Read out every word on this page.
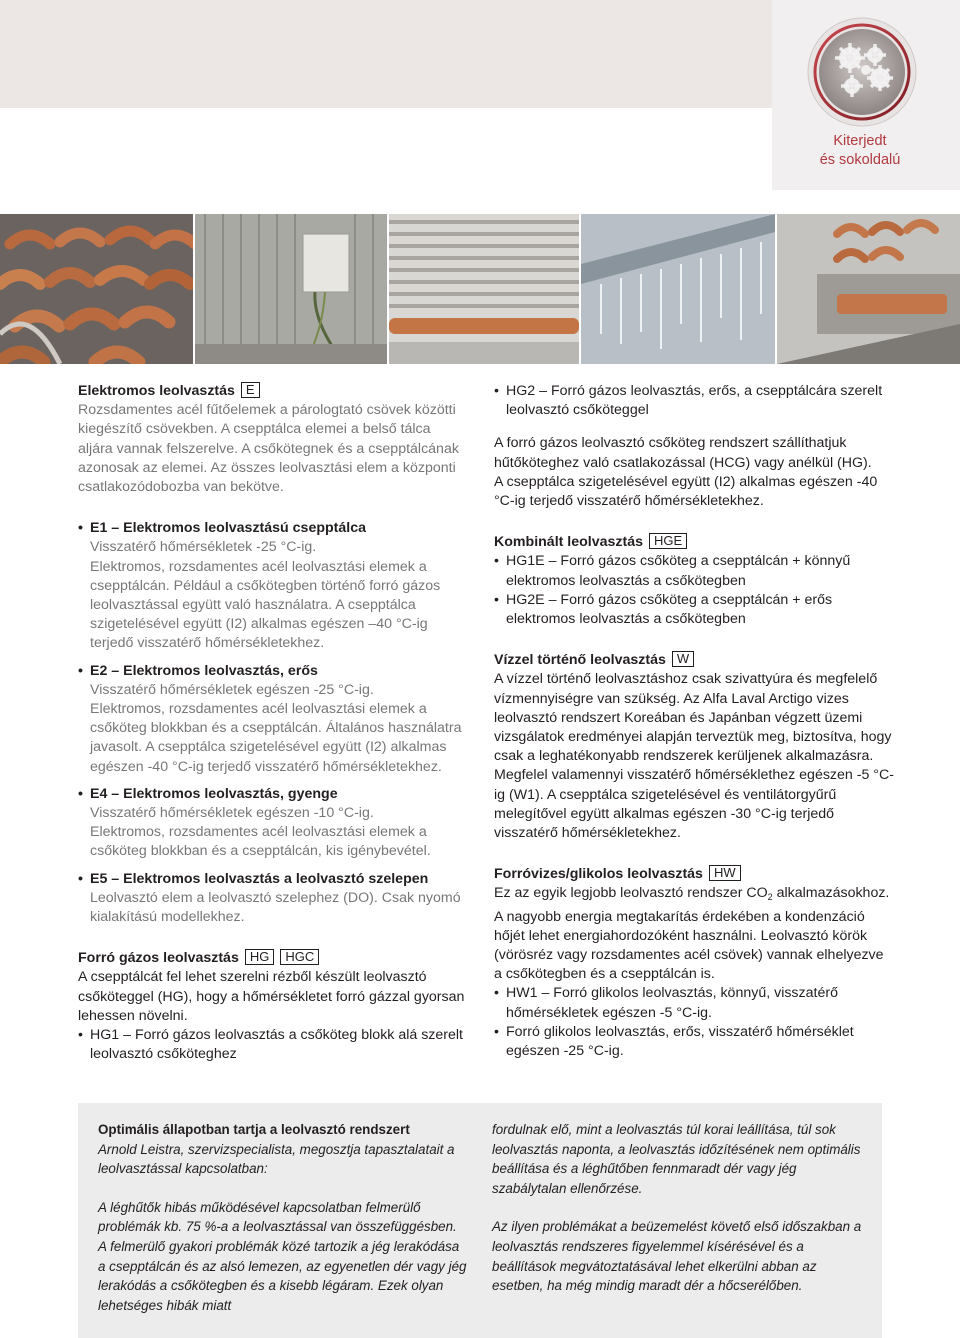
Kiterjedt
és sokoldalú
Elektromos leolvasztás E
Rozsdamentes acél fűtőelemek a párologtató csövek közötti kiegészítő csövekben. A csepptálca elemei a belső tálca aljára vannak felszerelve. A csőkötegnek és a csepptálcának azonosak az elemei. Az összes leolvasztási elem a központi csatlakozódobozba van bekötve.
• E1 – Elektromos leolvasztású csepptálca
Visszatérő hőmérsékletek -25 °C-ig.
Elektromos, rozsdamentes acél leolvasztási elemek a csepptálcán. Például a csőkötegben történő forró gázos leolvasztással együtt való használatra. A csepptálca szigetelésével együtt (I2) alkalmas egészen –40 °C-ig terjedő visszatérő hőmérsékletekhez.
• E2 – Elektromos leolvasztás, erős
Visszatérő hőmérsékletek egészen -25 °C-ig.
Elektromos, rozsdamentes acél leolvasztási elemek a csőköteg blokkban és a csepptálcán. Általános használatra javasolt. A csepptálca szigetelésével együtt (I2) alkalmas egészen -40 °C-ig terjedő visszatérő hőmérsékletekhez.
• E4 – Elektromos leolvasztás, gyenge
Visszatérő hőmérsékletek egészen -10 °C-ig.
Elektromos, rozsdamentes acél leolvasztási elemek a csőköteg blokkban és a csepptálcán, kis igénybevétel.
• E5 – Elektromos leolvasztás a leolvasztó szelepen
Leolvasztó elem a leolvasztó szelephez (DO). Csak nyomó kialakítású modellekhez.
Forró gázos leolvasztás HG HGC
A csepptálcát fel lehet szerelni rézből készült leolvasztó csőköteggel (HG), hogy a hőmérsékletet forró gázzal gyorsan lehessen növelni.
• HG1 – Forró gázos leolvasztás a csőköteg blokk alá szerelt
leolvasztó csőköteghez
• HG2 – Forró gázos leolvasztás, erős, a csepptálcára szerelt
leolvasztó csőköteggel
A forró gázos leolvasztó csőköteg rendszert szállíthatjuk hűtőköteghez való csatlakozással (HCG) vagy anélkül (HG).
A csepptálca szigetelésével együtt (I2) alkalmas egészen -40 °C-ig terjedő visszatérő hőmérsékletekhez.
Kombinált leolvasztás HGE
• HG1E – Forró gázos csőköteg a csepptálcán + könnyű
elektromos leolvasztás a csőkötegben
• HG2E – Forró gázos csőköteg a csepptálcán + erős
elektromos leolvasztás a csőkötegben
Vízzel történő leolvasztás W
A vízzel történő leolvasztáshoz csak szivattyúra és megfelelő vízmennyiségre van szükség. Az Alfa Laval Arctigo vizes leolvasztó rendszert Koreában és Japánban végzett üzemi vizsgálatok eredményei alapján terveztük meg, biztosítva, hogy csak a leghatékonyabb rendszerek kerüljenek alkalmazásra. Megfelel valamennyi visszatérő hőmérséklethez egészen -5 °C-ig (W1). A csepptálca szigetelésével és ventilátorgyűrű melegítővel együtt alkalmas egészen -30 °C-ig terjedő visszatérő hőmérsékletekhez.
Forróvizes/glikolos leolvasztás HW
Ez az egyik legjobb leolvasztó rendszer $CO_2$ alkalmazásokhoz.
A nagyobb energia megtakarítás érdekében a kondenzáció hőjét lehet energiahordozóként használni. Leolvasztó körök (vörösréz vagy rozsdamentes acél csövek) vannak elhelyezve a csőkötegben és a csepptálcán is.
• HW1 – Forró glikolos leolvasztás, könnyű, visszatérő
hőmérsékletek egészen -5 °C-ig.
• Forró glikolos leolvasztás, erős, visszatérő hőmérséklet
egészen -25 °C-ig.
Optimális állapotban tartja a leolvasztó rendszert
Arnold Leistra, szervizspecialista, megosztja tapasztalatait a leolvasztással kapcsolatban:
A léghűtők hibás működésével kapcsolatban felmerülő problémák kb. 75 %-a a leolvasztással van összefüggésben. A felmerülő gyakori problémák közé tartozik a jég lerakódása a csepptálcán és az alsó lemezen, az egyenetlen dér vagy jég lerakódás a csőkötegben és a kisebb légáram. Ezek olyan lehetséges hibák miatt
fordulnak elő, mint a leolvasztás túl korai leállítása, túl sok leolvasztás naponta, a leolvasztás időzítésének nem optimális beállítása és a léghűtőben fennmaradt dér vagy jég szabálytalan ellenőrzése.
Az ilyen problémákat a beüzemelést követő első időszakban a leolvasztás rendszeres figyelemmel kísérésével és a beállítások megvátoztatásával lehet elkerülni abban az esetben, ha még mindig maradt dér a hőcserélőben.
